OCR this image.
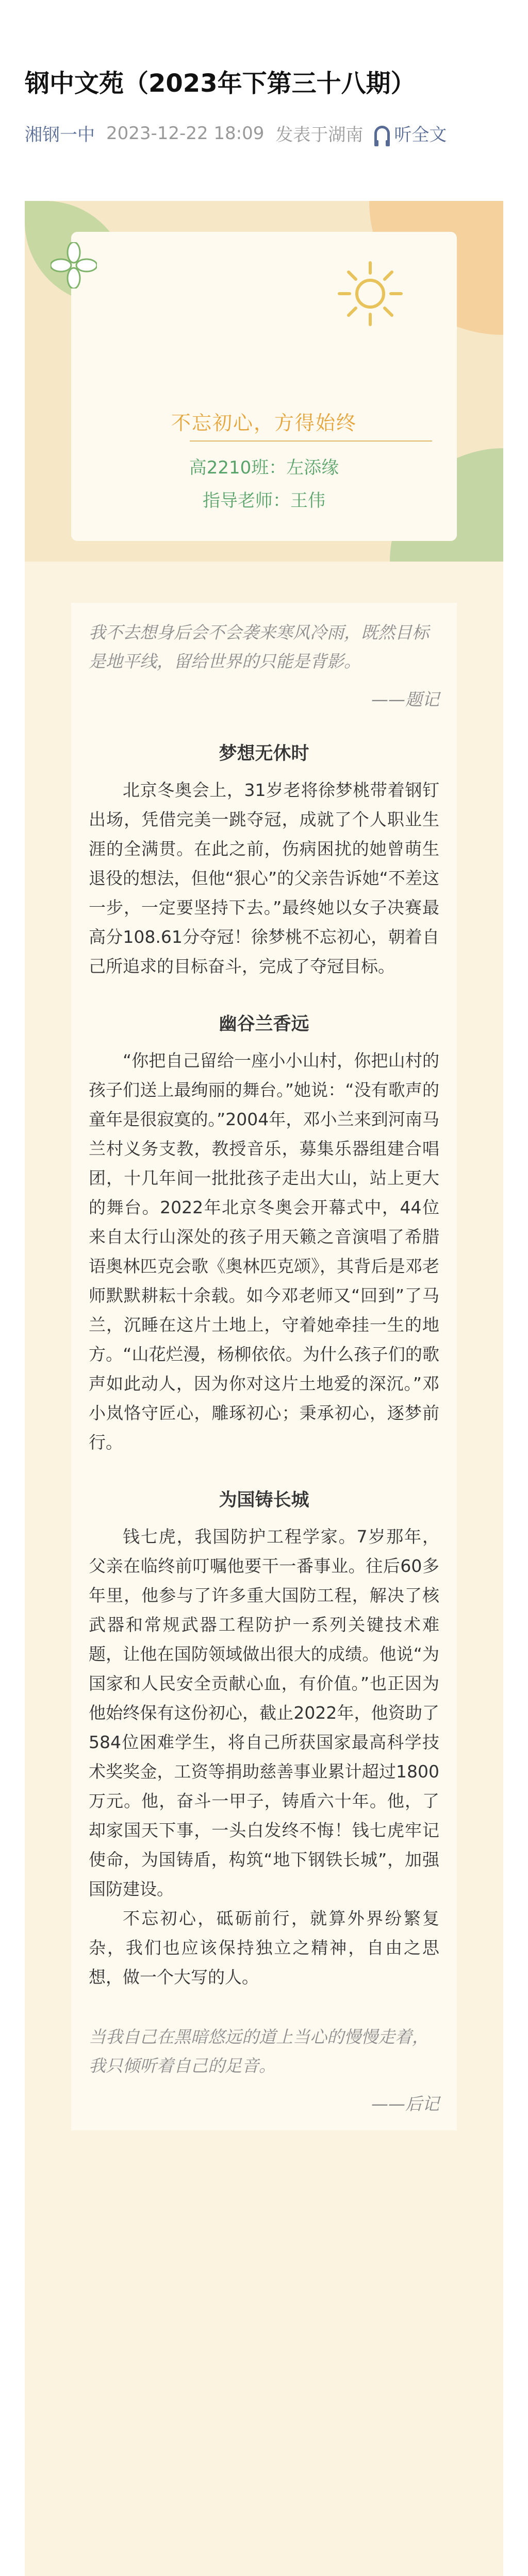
钢中文苑（2023年下第三十八期）
湘钢一中 2023-12-22 18:09 发表于湖南 听全文
不忘初心，方得始终
高2210班：左添缘
指导老师：王伟

我不去想身后会不会袭来寒风冷雨，既然目标是地平线，留给世界的只能是背影。

——题记

梦想无休时

北京冬奥会上，31岁老将徐梦桃带着钢钉出场，凭借完美一跳夺冠，成就了个人职业生涯的全满贯。在此之前，伤病困扰的她曾萌生退役的想法，但他“狠心”的父亲告诉她“不差这一步，一定要坚持下去。”最终她以女子决赛最高分108.61分夺冠！徐梦桃不忘初心，朝着自己所追求的目标奋斗，完成了夺冠目标。

幽谷兰香远

“你把自己留给一座小小山村，你把山村的孩子们送上最绚丽的舞台。”她说：“没有歌声的童年是很寂寞的。”2004年，邓小兰来到河南马兰村义务支教，教授音乐，募集乐器组建合唱团，十几年间一批批孩子走出大山，站上更大的舞台。2022年北京冬奥会开幕式中，44位来自太行山深处的孩子用天籁之音演唱了希腊语奥林匹克会歌《奥林匹克颂》，其背后是邓老师默默耕耘十余载。如今邓老师又“回到”了马兰，沉睡在这片土地上，守着她牵挂一生的地方。“山花烂漫，杨柳依依。为什么孩子们的歌声如此动人，因为你对这片土地爱的深沉。”邓小岚恪守匠心，雕琢初心；秉承初心，逐梦前行。

为国铸长城

钱七虎，我国防护工程学家。7岁那年，父亲在临终前叮嘱他要干一番事业。往后60多年里，他参与了许多重大国防工程，解决了核武器和常规武器工程防护一系列关键技术难题，让他在国防领域做出很大的成绩。他说“为国家和人民安全贡献心血，有价值。”也正因为他始终保有这份初心，截止2022年，他资助了584位困难学生，将自己所获国家最高科学技术奖奖金，工资等捐助慈善事业累计超过1800万元。他，奋斗一甲子，铸盾六十年。他，了却家国天下事，一头白发终不悔！钱七虎牢记使命，为国铸盾，构筑“地下钢铁长城”，加强国防建设。

不忘初心，砥砺前行，就算外界纷繁复杂，我们也应该保持独立之精神，自由之思想，做一个大写的人。

当我自己在黑暗悠远的道上当心的慢慢走着，我只倾听着自己的足音。

——后记
